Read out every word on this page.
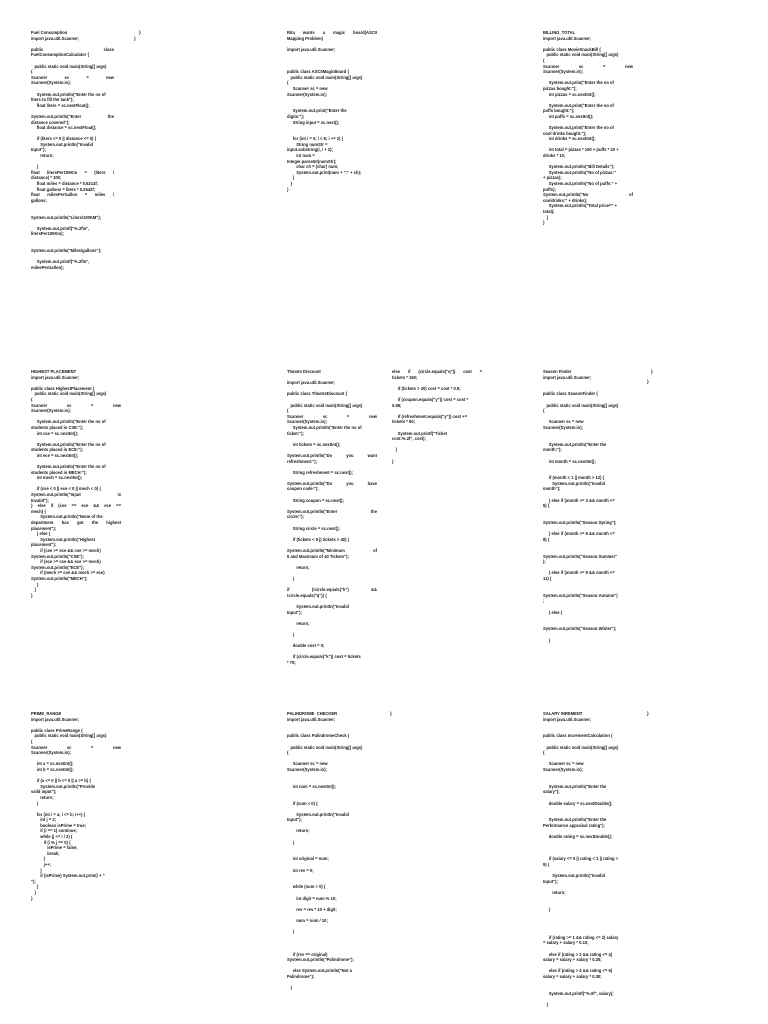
Fuel Consumption
import java.util.Scanner;
public class
FuelConsumptionCalculator {
public static void main(String[] args)
{
Scanner sc = new
Scanner(System.in);
System.out.println("Enter the no of
liters to fill the tank");
float liters = sc.nextFloat();
System.out.println("Enter the
distance covered");
float distance = sc.nextFloat();
if (liters <= 0 || distance <= 0) {
System.out.println("Invalid
Input");
return;
}
float litersPer100Km = (liters /
distance) * 100;
float miles = distance * 0.6214f;
float gallons = liters * 0.2642f;
float milesPerGallon = miles /
gallons;
System.out.println("Liters/100KM");
System.out.printf("%.2f\n",
litersPer100Km);
System.out.println("Miles/gallons");
System.out.printf("%.2f\n",
milesPerGallon);
Rita wants a magic board(ASCII
Mapping Problem)
import java.util.Scanner;
public class ASCIIMagicBoard {
public static void main(String[] args)
{
Scanner sc = new
Scanner(System.in);
System.out.print("Enter the
digits:");
String input = sc.next();
for (int i = 0; i < 6; i += 2) {
String numStr =
input.substring(i, i + 2);
int num =
Integer.parseInt(numStr);
char ch = (char) num;
System.out.print(num + ":" + ch);
}
}
}
BILLING_TOTAL
import java.util.Scanner;
public class MovieSnackBill {
public static void main(String[] args)
{
Scanner sc = new
Scanner(System.in);
System.out.print("Enter the no of
pizzas bought:");
int pizzas = sc.nextInt();
System.out.print("Enter the no of
puffs bought:");
int puffs = sc.nextInt();
System.out.print("Enter the no of
cool drinks bought:");
int drinks = sc.nextInt();
int total = pizzas * 100 + puffs * 20 +
drinks * 10;
System.out.println("Bill Details");
System.out.println("No of pizzas:"
+ pizzas);
System.out.println("No of puffs:" +
puffs);
System.out.println("No of
cooldrinks:" + drinks);
System.out.println("Total price=" +
total);
}
}
HIGHEST PLACEMENT
import java.util.Scanner;
public class HighestPlacement {
public static void main(String[] args)
{
Scanner sc = new
Scanner(System.in);
System.out.println("Enter the no of
students placed in CSE:");
int cse = sc.nextInt();
System.out.println("Enter the no of
students placed in ECE:");
int ece = sc.nextInt();
System.out.println("Enter the no of
students placed in MECH:");
int mech = sc.nextInt();
if (cse < 0 || ece < 0 || mech < 0) {
System.out.println("Input is
Invalid");
} else if (cse == ece && ece ==
mech) {
System.out.println("None of the
department has got the highest
placement");
} else {
System.out.println("Highest
placement");
if (cse >= ece && cse >= mech)
System.out.println("CSE");
if (ece >= cse && ece >= mech)
System.out.println("ECE");
if (mech >= cse && mech >= ece)
System.out.println("MECH");
}
}
}
Theatre Discount
import java.util.Scanner;
public class TheatreDiscount {
public static void main(String[] args)
{
Scanner sc = new
Scanner(System.in);
System.out.println("Enter the no of
ticket:");
int tickets = sc.nextInt();
System.out.println("Do you want
refreshment:");
String refreshment = sc.next();
System.out.println("Do you have
coupon code:");
String coupon = sc.next();
System.out.println("Enter the
circle:");
String circle = sc.next();
if (tickets < 5 || tickets > 40) {
System.out.println("Minimum of
5 and Maximum of 40 Tickets");
return;
}
if (!circle.equals("k") &&
!circle.equals("q")) {
System.out.println("Invalid
Input");
return;
}
double cost = 0;
if (circle.equals("k")) cost = tickets
* 75;
else if (circle.equals("q")) cost =
tickets * 150;
if (tickets > 20) cost = cost * 0.9;
if (coupon.equals("y")) cost = cost *
0.98;
if (refreshment.equals("y")) cost +=
tickets * 50;
System.out.printf("Ticket
cost:%.2f", cost);
}
}
Season Finder
import java.util.Scanner;
public class SeasonFinder {
public static void main(String[] args)
{
Scanner sc = new
Scanner(System.in);
System.out.println("Enter the
month:");
int month = sc.nextInt();
if (month < 1 || month > 12) {
System.out.println("Invalid
month");
} else if (month >= 3 && month <=
5) {
System.out.println("Season:Spring");
} else if (month >= 6 && month <=
8) {
System.out.println("Season:Summer"
);
} else if (month >= 9 && month <=
11) {
System.out.println("Season:Autumn")
;
} else {
System.out.println("Season:Winter");
}
PRIME_RANGE
import java.util.Scanner;
public class PrimeRange {
public static void main(String[] args)
{
Scanner sc = new
Scanner(System.in);
int a = sc.nextInt();
int b = sc.nextInt();
if (a <= 0 || b <= 0 || a >= b) {
System.out.println("Provide
valid input");
return;
}
for (int i = a; i <= b; i++) {
int j = 2;
boolean isPrime = true;
if (i == 1) continue;
while (j <= i / 2) {
if (i % j == 0) {
isPrime = false;
break;
}
j++;
}
if (isPrime) System.out.print(i + "
");
}
}
}
PALINDROME  CHECKER
import java.util.Scanner;
public class PalindromeCheck {
public static void main(String[] args)
{
Scanner sc = new
Scanner(System.in);
int num = sc.nextInt();
if (num < 0) {
System.out.println("Invalid
Input");
return;
}
int original = num;
int rev = 0;
while (num > 0) {
int digit = num % 10;
rev = rev * 10 + digit;
num = num / 10;
}
if (rev == original)
System.out.println("Palindrome");
else System.out.println("Not a
Palindrome");
}
SALARY INREMENT
import java.util.Scanner;
public class IncrementCalculation {
public static void main(String[] args)
{
Scanner sc = new
Scanner(System.in);
System.out.println("Enter the
salary");
double salary = sc.nextDouble();
System.out.println("Enter the
Performance appraisal rating");
double rating = sc.nextDouble();
if (salary <= 0 || rating < 1 || rating >
5) {
System.out.println("Invalid
Input");
return;
}
if (rating >= 1 && rating <= 2) salary
= salary + salary * 0.10;
else if (rating > 2 && rating <= 4)
salary = salary + salary * 0.25;
else if (rating > 4 && rating <= 5)
salary = salary + salary * 0.30;
System.out.printf("%.0f", salary);
}
}
}
}
}
}	}
